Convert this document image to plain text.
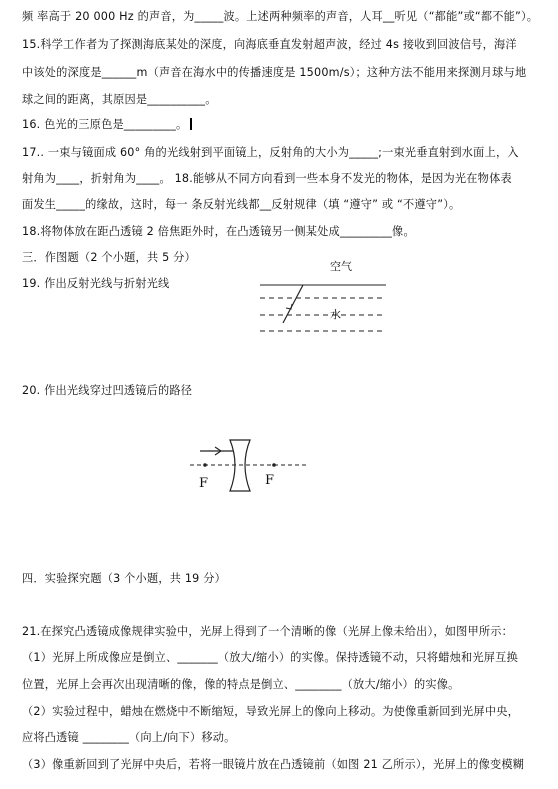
频 率高于 20 000 Hz 的声音，为_____波。上述两种频率的声音，人耳__听见（“都能”或“都不能”）。
15.科学工作者为了探测海底某处的深度，向海底垂直发射超声波，经过 4s 接收到回波信号，海洋
中该处的深度是______m（声音在海水中的传播速度是 1500m/s）；这种方法不能用来探测月球与地
球之间的距离，其原因是__________。
16. 色光的三原色是_________。
17.. 一束与镜面成 60° 角的光线射到平面镜上，反射角的大小为_____;一束光垂直射到水面上，入
射角为____，折射角为____。 18.能够从不同方向看到一些本身不发光的物体，是因为光在物体表
面发生_____的缘故，这时，每一 条反射光线都__反射规律（填 “遵守” 或 “不遵守”）。
18.将物体放在距凸透镜 2 倍焦距外时，在凸透镜另一侧某处成_________像。
三．作图题（2 个小题，共 5 分）
19. 作出反射光线与折射光线
空气
水
20. 作出光线穿过凹透镜后的路径
F	F
四．实验探究题（3 个小题，共 19 分）
21.在探究凸透镜成像规律实验中，光屏上得到了一个清晰的像（光屏上像未给出），如图甲所示：
（1）光屏上所成像应是倒立、_______（放大/缩小）的实像。保持透镜不动，只将蜡烛和光屏互换
位置，光屏上会再次出现清晰的像，像的特点是倒立、________（放大/缩小）的实像。
（2）实验过程中，蜡烛在燃烧中不断缩短，导致光屏上的像向上移动。为使像重新回到光屏中央，
应将凸透镜 ________（向上/向下）移动。
（3）像重新回到了光屏中央后，若将一眼镜片放在凸透镜前（如图 21 乙所示），光屏上的像变模糊
